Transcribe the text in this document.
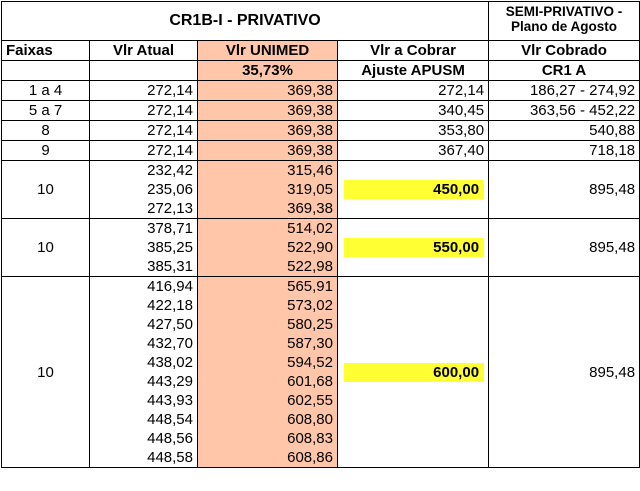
CR1B-I - PRIVATIVO				SEMI-PRIVATIVO -
Plano de Agosto

Faixas	Vlr Atual	Vlr UNIMED	Vlr a Cobrar	Vlr Cobrado
		35,73%	Ajuste APUSM	CR1 A
1 a 4	272,14	369,38	272,14	186,27 - 274,92
5 a 7	272,14	369,38	340,45	363,56 - 452,22
8	272,14	369,38	353,80	540,88
9	272,14	369,38	367,40	718,18
10	232,42	315,46	450,00	895,48
	235,06	319,05		
	272,13	369,38		
10	378,71	514,02	550,00	895,48
	385,25	522,90		
	385,31	522,98		
10	416,94	565,91	600,00	895,48
	422,18	573,02		
	427,50	580,25		
	432,70	587,30		
	438,02	594,52		
	443,29	601,68		
	443,93	602,55		
	448,54	608,80		
	448,56	608,83		
	448,58	608,86		
